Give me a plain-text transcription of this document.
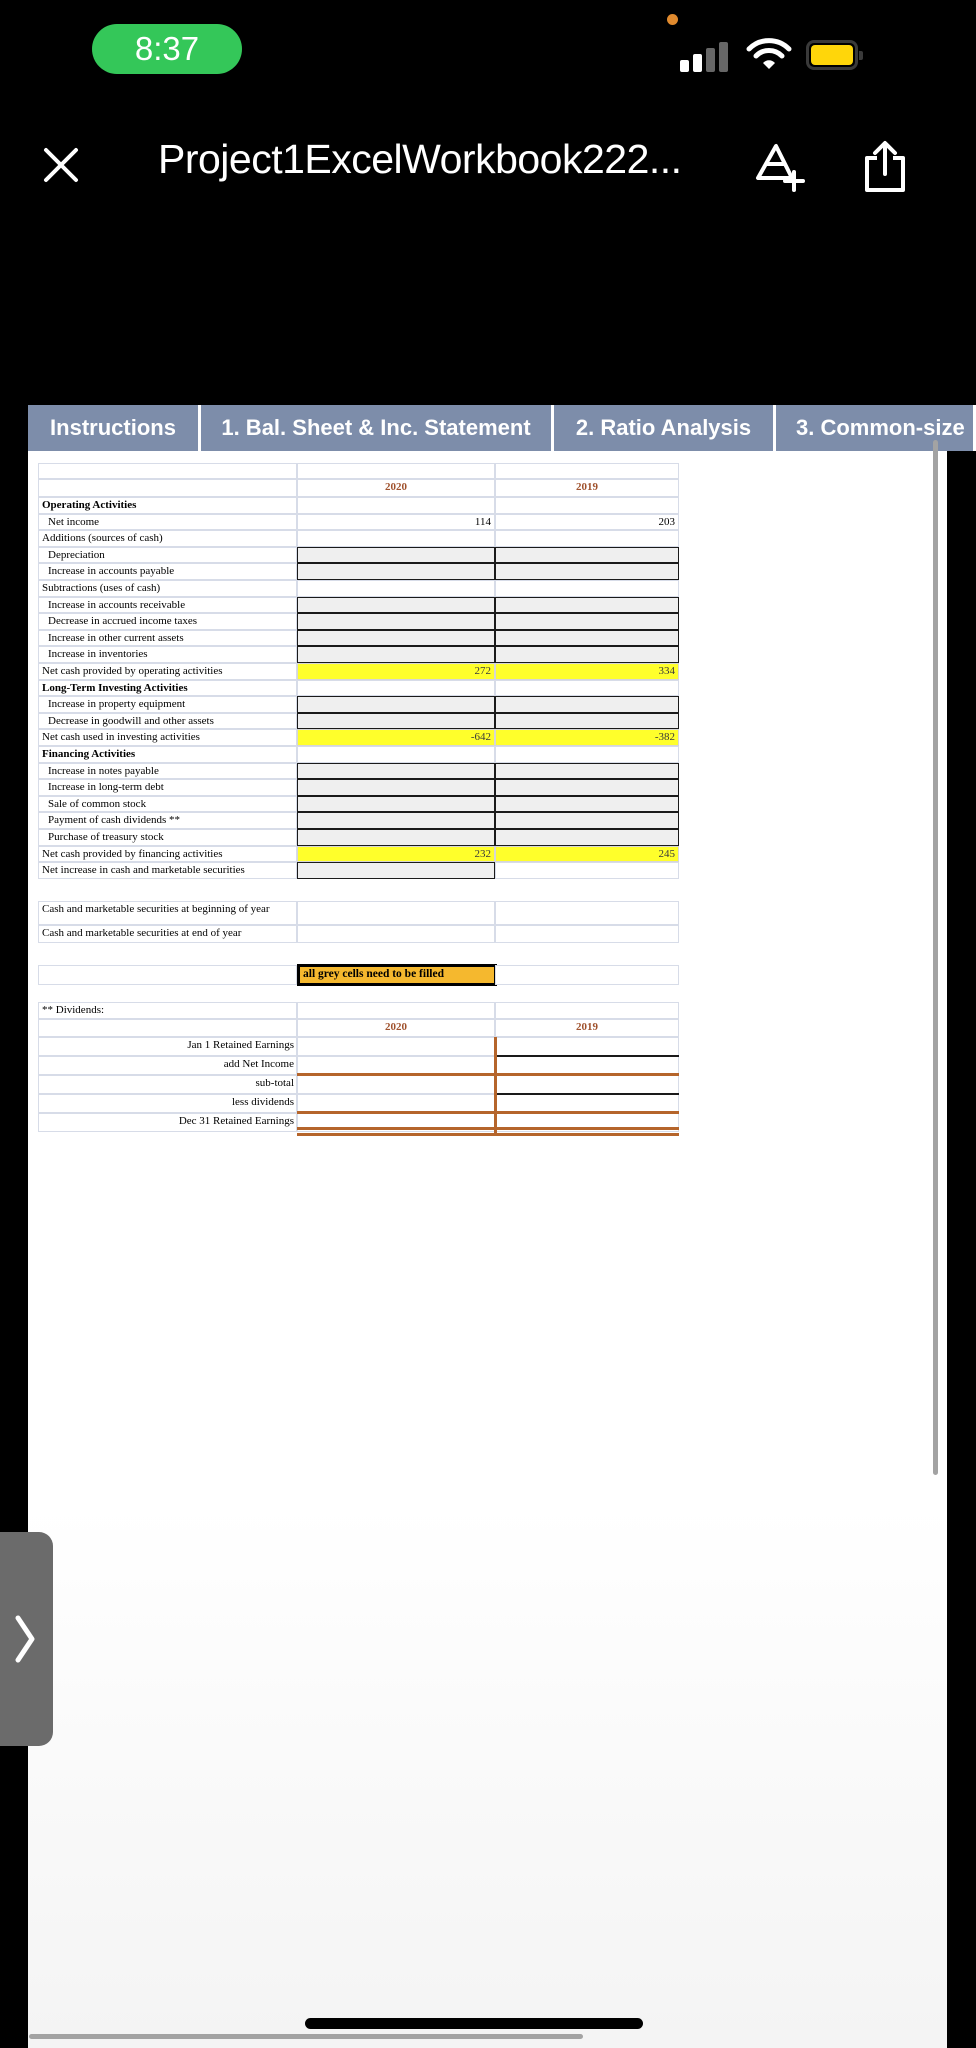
8:37
Project1ExcelWorkbook222...
Instructions	1. Bal. Sheet & Inc. Statement	2. Ratio Analysis	3. Common-size
2020	2019
Operating Activities
Net income	114	203
Additions (sources of cash)
Depreciation
Increase in accounts payable
Subtractions (uses of cash)
Increase in accounts receivable
Decrease in accrued income taxes
Increase in other current assets
Increase in inventories
Net cash provided by operating activities	272	334
Long-Term Investing Activities
Increase in property equipment
Decrease in goodwill and other assets
Net cash used in investing activities	-642	-382
Financing Activities
Increase in notes payable
Increase in long-term debt
Sale of common stock
Payment of cash dividends **
Purchase of treasury stock
Net cash provided by financing activities	232	245
Net increase in cash and marketable securities
Cash and marketable securities at beginning of year
Cash and marketable securities at end of year
all grey cells need to be filled
** Dividends:
2020	2019
Jan 1 Retained Earnings
add Net Income
sub-total
less dividends
Dec 31 Retained Earnings
